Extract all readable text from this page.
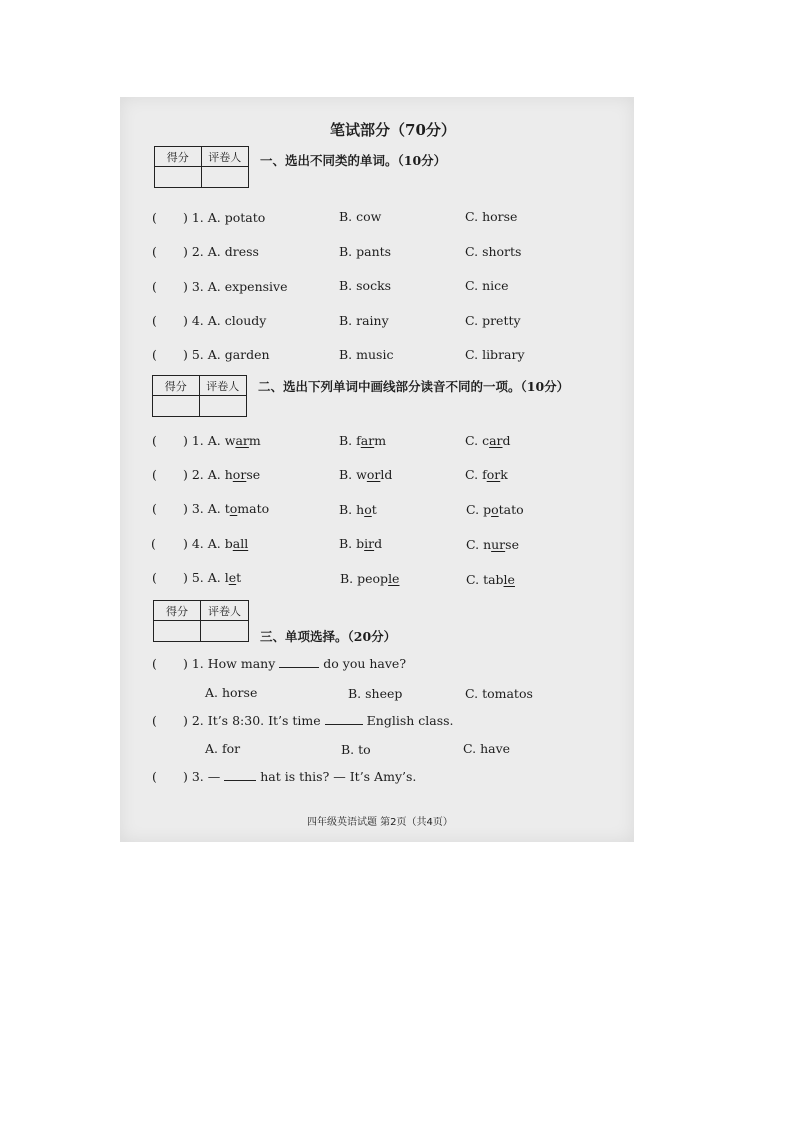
笔试部分（70分）
得分	评卷人	一、选出不同类的单词。（10分）
( ) 1. A. potato	B. cow	C. horse
( ) 2. A. dress	B. pants	C. shorts
( ) 3. A. expensive	B. socks	C. nice
( ) 4. A. cloudy	B. rainy	C. pretty
( ) 5. A. garden	B. music	C. library
得分	评卷人	二、选出下列单词中画线部分读音不同的一项。（10分）
( ) 1. A. warm	B. farm	C. card
( ) 2. A. horse	B. world	C. fork
( ) 3. A. tomato	B. hot	C. potato
( ) 4. A. ball	B. bird	C. nurse
( ) 5. A. let	B. people	C. table
得分	评卷人
三、单项选择。（20分）
( ) 1. How many	do you have?
A. horse	B. sheep	C. tomatos
( ) 2. It’s 8:30. It’s time	English class.
A. for	B. to	C. have
( ) 3. —	hat is this? — It’s Amy’s.
四年级英语试题 第2页（共4页）
